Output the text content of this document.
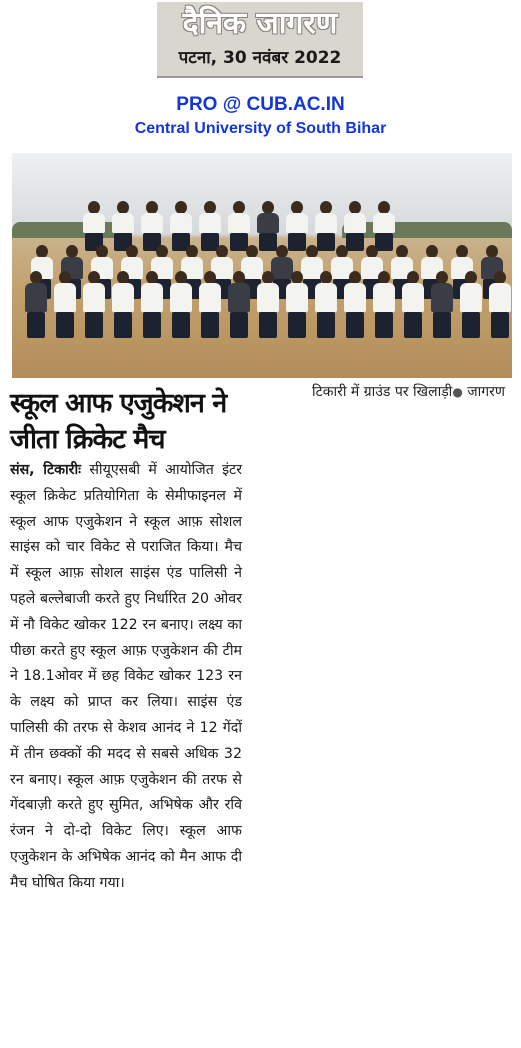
दैनिक जागरण
पटना, 30 नवंबर 2022
PRO @ CUB.AC.IN
Central University of South Bihar
टिकारी में ग्राउंड पर खिलाड़ी● जागरण
स्कूल आफ एजुकेशन ने जीता क्रिकेट मैच
संस, टिकारीः सीयूएसबी में आयोजित इंटर स्कूल क्रिकेट प्रतियोगिता के सेमीफाइनल में स्कूल आफ एजुकेशन ने स्कूल आफ़ सोशल साइंस को चार विकेट से पराजित किया। मैच में स्कूल आफ़ सोशल साइंस एंड पालिसी ने पहले बल्लेबाजी करते हुए निर्धारित 20 ओवर में नौ विकेट खोकर 122 रन बनाए। लक्ष्य का पीछा करते हुए स्कूल आफ़ एजुकेशन की टीम ने 18.1ओवर में छह विकेट खोकर 123 रन के लक्ष्य को प्राप्त कर लिया। साइंस एंड पालिसी की तरफ से केशव आनंद ने 12 गेंदों में तीन छक्कों की मदद से सबसे अधिक 32 रन बनाए। स्कूल आफ़ एजुकेशन की तरफ से गेंदबाज़ी करते हुए सुमित, अभिषेक और रवि रंजन ने दो-दो विकेट लिए। स्कूल आफ एजुकेशन के अभिषेक आनंद को मैन आफ दी मैच घोषित किया गया।
